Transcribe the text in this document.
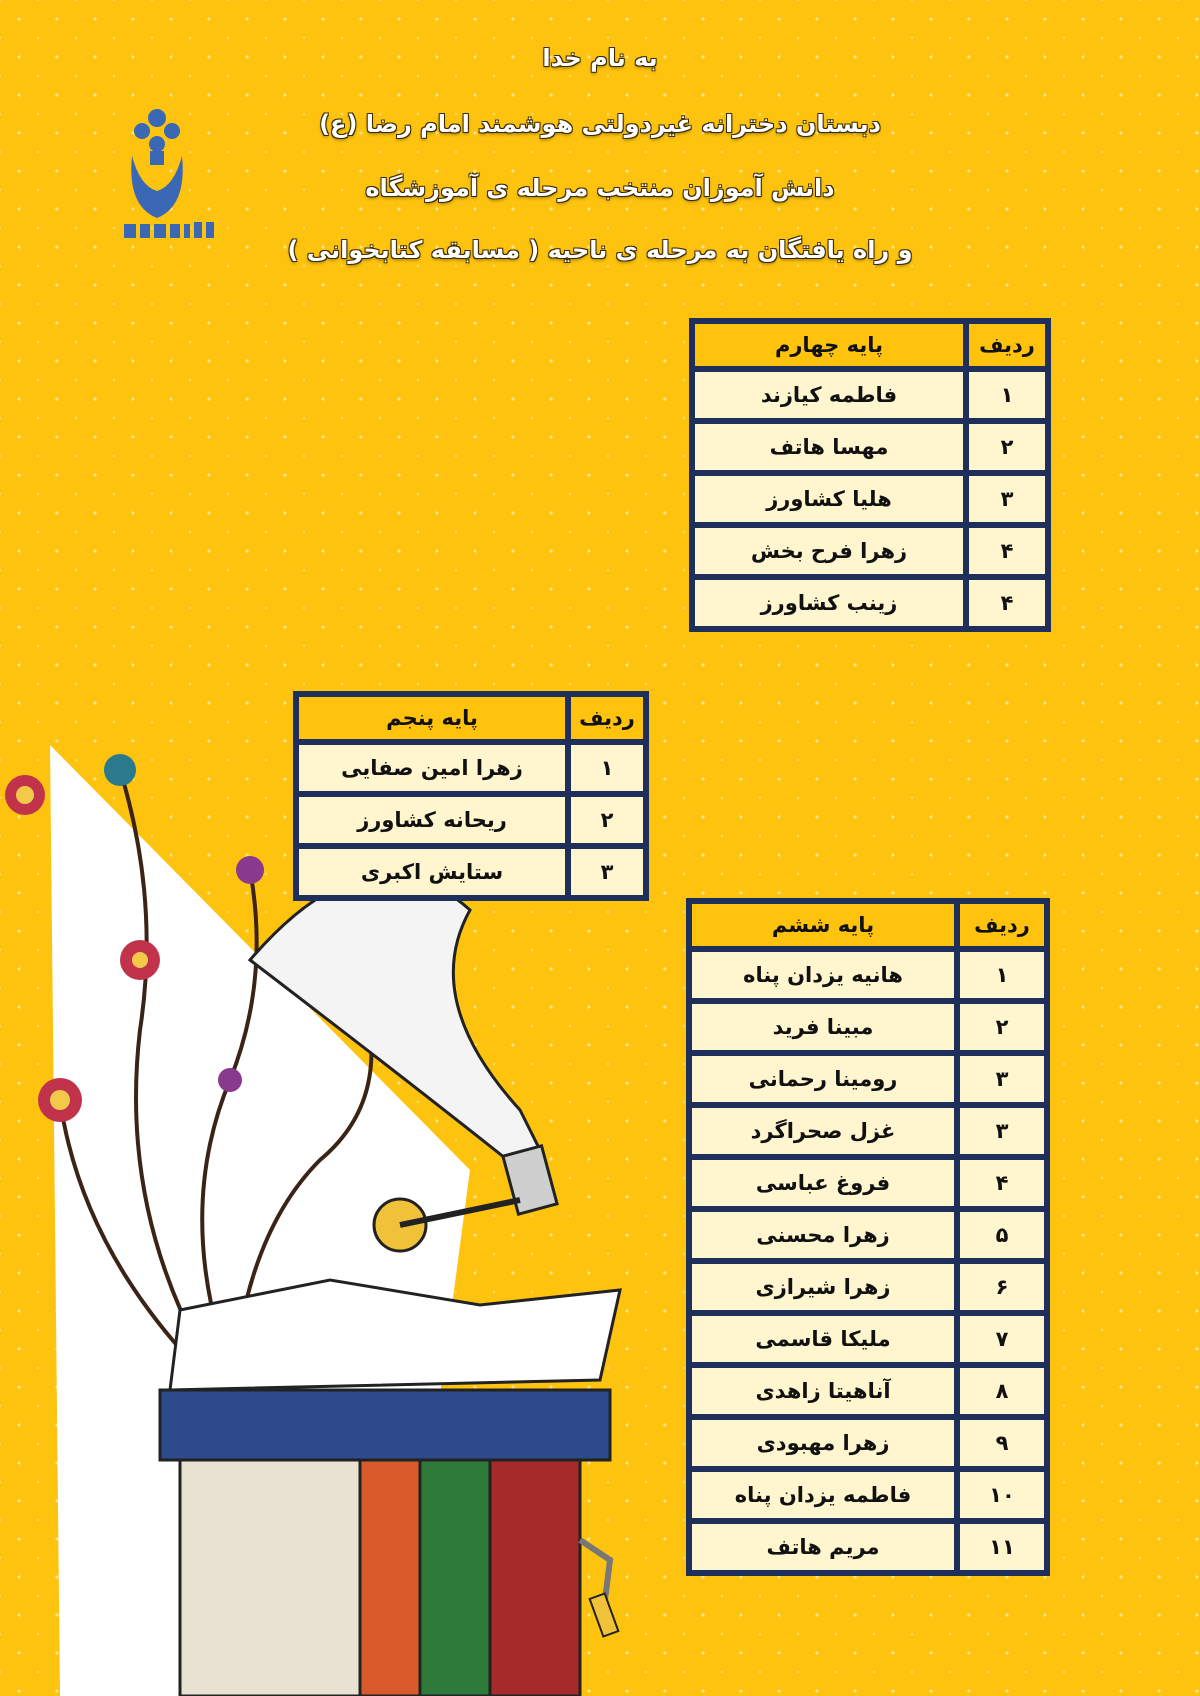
به نام خدا
دبستان دخترانه غیردولتی هوشمند امام رضا (ع)
دانش آموزان منتخب مرحله ی آموزشگاه
و راه یافتگان به مرحله ی ناحیه ( مسابقه کتابخوانی )
ردیف	پایه چهارم
۱	فاطمه کیازند
۲	مهسا هاتف
۳	هلیا کشاورز
۴	زهرا فرح بخش
۴	زینب کشاورز
ردیف	پایه پنجم
۱	زهرا امین صفایی
۲	ریحانه کشاورز
۳	ستایش اکبری
ردیف	پایه ششم
۱	هانیه یزدان پناه
۲	مبینا فرید
۳	رومینا رحمانی
۳	غزل صحراگرد
۴	فروغ عباسی
۵	زهرا محسنی
۶	زهرا شیرازی
۷	ملیکا قاسمی
۸	آناهیتا زاهدی
۹	زهرا مهبودی
۱۰	فاطمه یزدان پناه
۱۱	مریم هاتف
